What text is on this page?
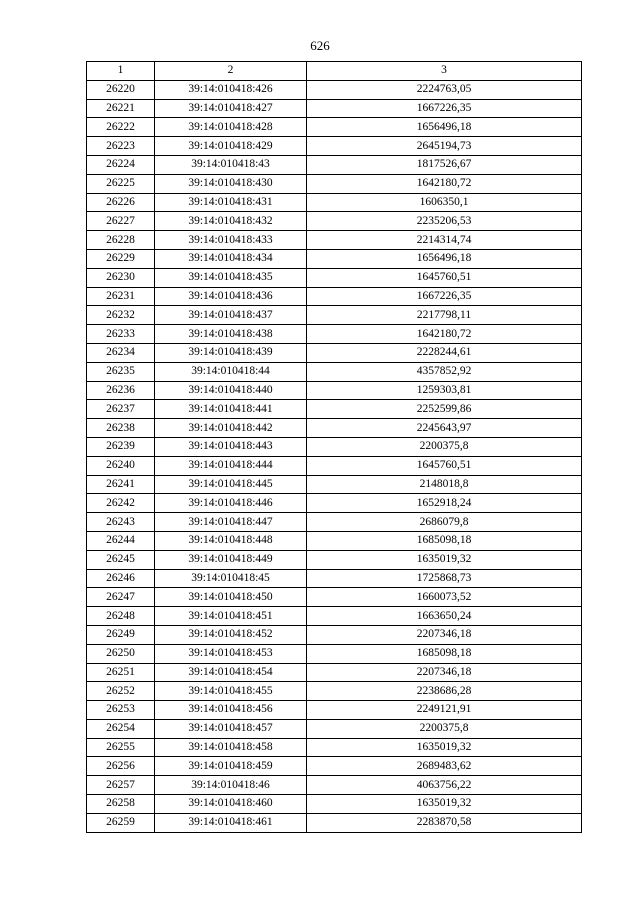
626
1	2	3
26220	39:14:010418:426	2224763,05
26221	39:14:010418:427	1667226,35
26222	39:14:010418:428	1656496,18
26223	39:14:010418:429	2645194,73
26224	39:14:010418:43	1817526,67
26225	39:14:010418:430	1642180,72
26226	39:14:010418:431	1606350,1
26227	39:14:010418:432	2235206,53
26228	39:14:010418:433	2214314,74
26229	39:14:010418:434	1656496,18
26230	39:14:010418:435	1645760,51
26231	39:14:010418:436	1667226,35
26232	39:14:010418:437	2217798,11
26233	39:14:010418:438	1642180,72
26234	39:14:010418:439	2228244,61
26235	39:14:010418:44	4357852,92
26236	39:14:010418:440	1259303,81
26237	39:14:010418:441	2252599,86
26238	39:14:010418:442	2245643,97
26239	39:14:010418:443	2200375,8
26240	39:14:010418:444	1645760,51
26241	39:14:010418:445	2148018,8
26242	39:14:010418:446	1652918,24
26243	39:14:010418:447	2686079,8
26244	39:14:010418:448	1685098,18
26245	39:14:010418:449	1635019,32
26246	39:14:010418:45	1725868,73
26247	39:14:010418:450	1660073,52
26248	39:14:010418:451	1663650,24
26249	39:14:010418:452	2207346,18
26250	39:14:010418:453	1685098,18
26251	39:14:010418:454	2207346,18
26252	39:14:010418:455	2238686,28
26253	39:14:010418:456	2249121,91
26254	39:14:010418:457	2200375,8
26255	39:14:010418:458	1635019,32
26256	39:14:010418:459	2689483,62
26257	39:14:010418:46	4063756,22
26258	39:14:010418:460	1635019,32
26259	39:14:010418:461	2283870,58
